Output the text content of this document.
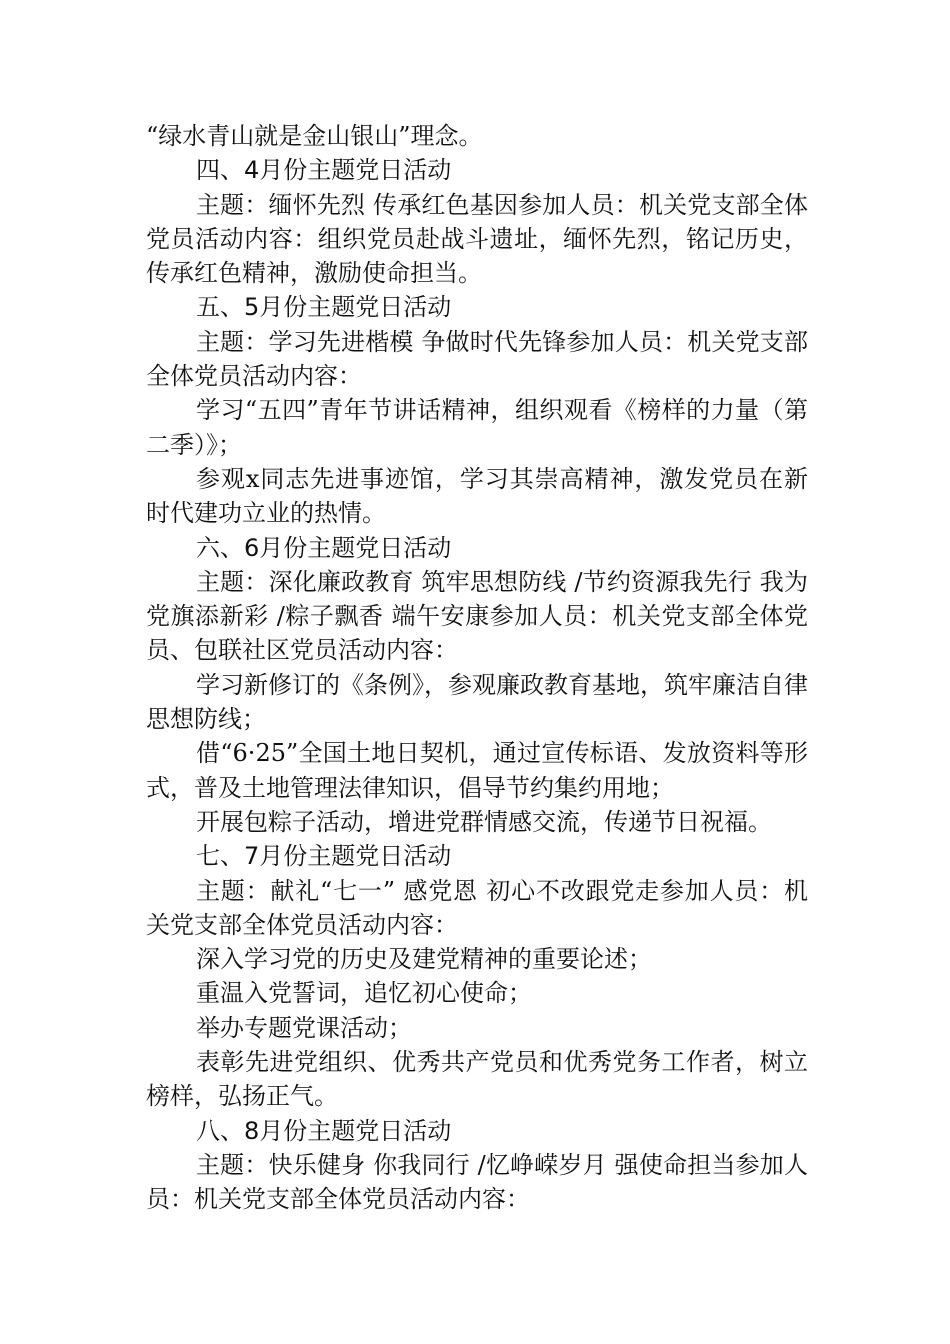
“绿水青山就是金山银山”理念。

四、4月份主题党日活动

主题：缅怀先烈 传承红色基因参加人员：机关党支部全体党员活动内容：组织党员赴战斗遗址，缅怀先烈，铭记历史，传承红色精神，激励使命担当。

五、5月份主题党日活动

主题：学习先进楷模 争做时代先锋参加人员：机关党支部全体党员活动内容：

学习“五四”青年节讲话精神，组织观看《榜样的力量（第二季）》；

参观x同志先进事迹馆，学习其崇高精神，激发党员在新时代建功立业的热情。

六、6月份主题党日活动

主题：深化廉政教育 筑牢思想防线 /节约资源我先行 我为党旗添新彩 /粽子飘香 端午安康参加人员：机关党支部全体党员、包联社区党员活动内容：

学习新修订的《条例》，参观廉政教育基地，筑牢廉洁自律思想防线；

借“6·25”全国土地日契机，通过宣传标语、发放资料等形式，普及土地管理法律知识，倡导节约集约用地；

开展包粽子活动，增进党群情感交流，传递节日祝福。

七、7月份主题党日活动

主题：献礼“七一” 感党恩 初心不改跟党走参加人员：机关党支部全体党员活动内容：

深入学习党的历史及建党精神的重要论述；

重温入党誓词，追忆初心使命；

举办专题党课活动；

表彰先进党组织、优秀共产党员和优秀党务工作者，树立榜样，弘扬正气。

八、8月份主题党日活动

主题：快乐健身 你我同行 /忆峥嵘岁月 强使命担当参加人员：机关党支部全体党员活动内容：
